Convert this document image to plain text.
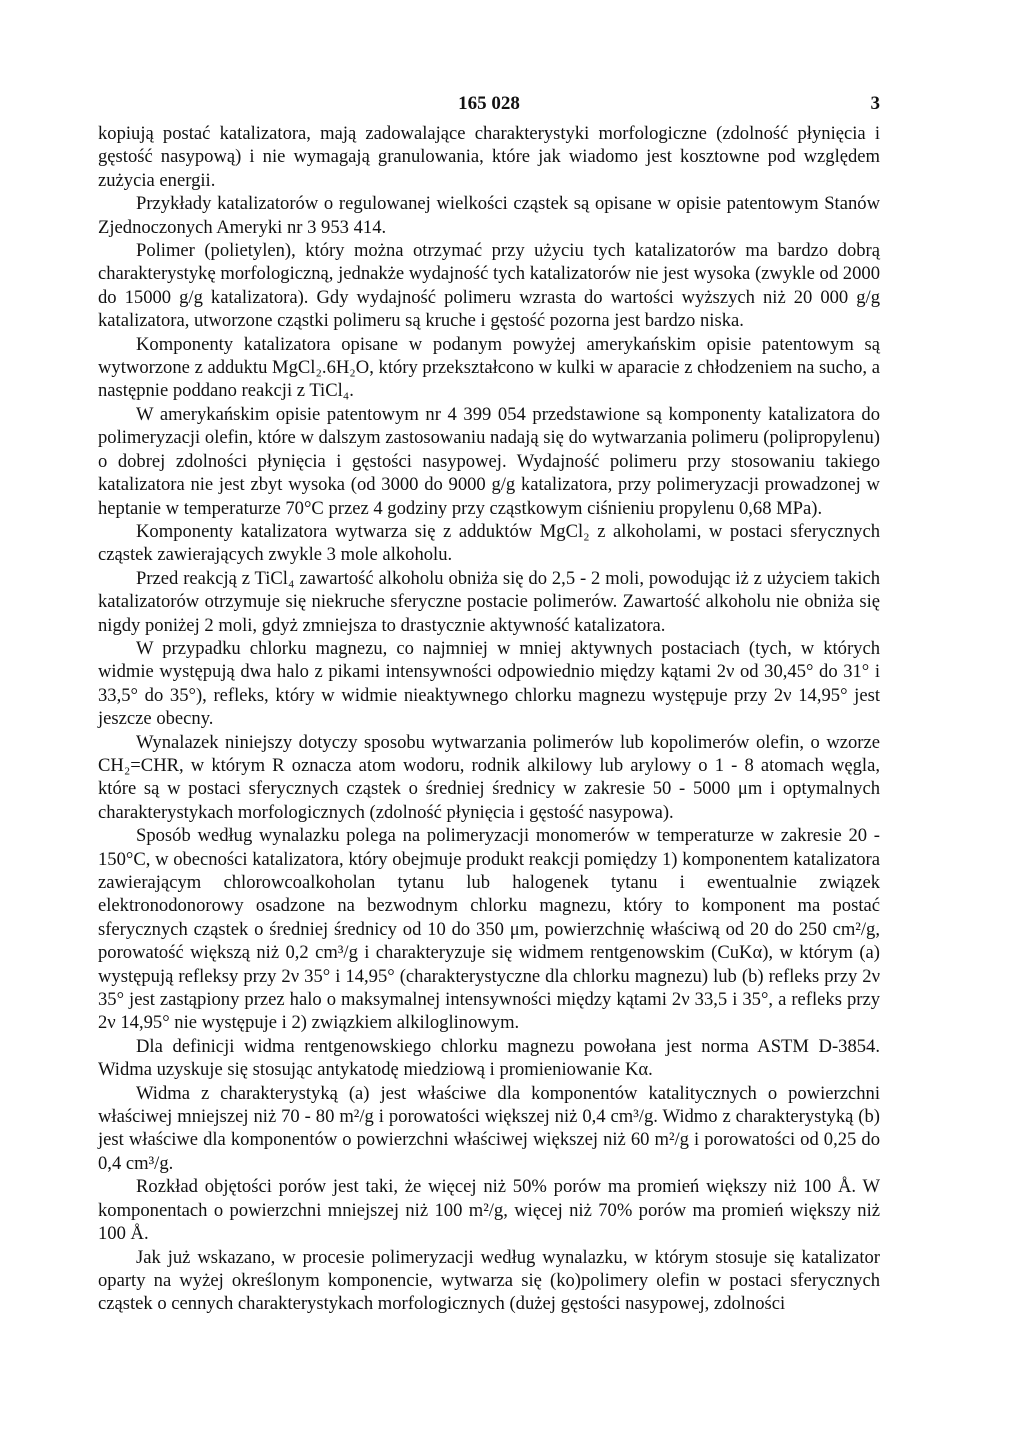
165 028	3

kopiują postać katalizatora, mają zadowalające charakterystyki morfologiczne (zdolność płynięcia i gęstość nasypową) i nie wymagają granulowania, które jak wiadomo jest kosztowne pod względem zużycia energii.

Przykłady katalizatorów o regulowanej wielkości cząstek są opisane w opisie patentowym Stanów Zjednoczonych Ameryki nr 3 953 414.

Polimer (polietylen), który można otrzymać przy użyciu tych katalizatorów ma bardzo dobrą charakterystykę morfologiczną, jednakże wydajność tych katalizatorów nie jest wysoka (zwykle od 2000 do 15000 g/g katalizatora). Gdy wydajność polimeru wzrasta do wartości wyższych niż 20 000 g/g katalizatora, utworzone cząstki polimeru są kruche i gęstość pozorna jest bardzo niska.

Komponenty katalizatora opisane w podanym powyżej amerykańskim opisie patentowym są wytworzone z adduktu MgCl₂.6H₂O, który przekształcono w kulki w aparacie z chłodzeniem na sucho, a następnie poddano reakcji z TiCl₄.

W amerykańskim opisie patentowym nr 4 399 054 przedstawione są komponenty katalizatora do polimeryzacji olefin, które w dalszym zastosowaniu nadają się do wytwarzania polimeru (polipropylenu) o dobrej zdolności płynięcia i gęstości nasypowej. Wydajność polimeru przy stosowaniu takiego katalizatora nie jest zbyt wysoka (od 3000 do 9000 g/g katalizatora, przy polimeryzacji prowadzonej w heptanie w temperaturze 70°C przez 4 godziny przy cząstkowym ciśnieniu propylenu 0,68 MPa).

Komponenty katalizatora wytwarza się z adduktów MgCl₂ z alkoholami, w postaci sferycznych cząstek zawierających zwykle 3 mole alkoholu.

Przed reakcją z TiCl₄ zawartość alkoholu obniża się do 2,5 - 2 moli, powodując iż z użyciem takich katalizatorów otrzymuje się niekruche sferyczne postacie polimerów. Zawartość alkoholu nie obniża się nigdy poniżej 2 moli, gdyż zmniejsza to drastycznie aktywność katalizatora.

W przypadku chlorku magnezu, co najmniej w mniej aktywnych postaciach (tych, w których widmie występują dwa halo z pikami intensywności odpowiednio między kątami 2ν od 30,45° do 31° i 33,5° do 35°), refleks, który w widmie nieaktywnego chlorku magnezu występuje przy 2ν 14,95° jest jeszcze obecny.

Wynalazek niniejszy dotyczy sposobu wytwarzania polimerów lub kopolimerów olefin, o wzorze CH₂=CHR, w którym R oznacza atom wodoru, rodnik alkilowy lub arylowy o 1 - 8 atomach węgla, które są w postaci sferycznych cząstek o średniej średnicy w zakresie 50 - 5000 μm i optymalnych charakterystykach morfologicznych (zdolność płynięcia i gęstość nasypowa).

Sposób według wynalazku polega na polimeryzacji monomerów w temperaturze w zakresie 20 - 150°C, w obecności katalizatora, który obejmuje produkt reakcji pomiędzy 1) komponentem katalizatora zawierającym chlorowcoalkoholan tytanu lub halogenek tytanu i ewentualnie związek elektronodonorowy osadzone na bezwodnym chlorku magnezu, który to komponent ma postać sferycznych cząstek o średniej średnicy od 10 do 350 μm, powierzchnię właściwą od 20 do 250 cm²/g, porowatość większą niż 0,2 cm³/g i charakteryzuje się widmem rentgenowskim (CuKα), w którym (a) występują refleksy przy 2ν 35° i 14,95° (charakterystyczne dla chlorku magnezu) lub (b) refleks przy 2ν 35° jest zastąpiony przez halo o maksymalnej intensywności między kątami 2ν 33,5 i 35°, a refleks przy 2ν 14,95° nie występuje i 2) związkiem alkiloglinowym.

Dla definicji widma rentgenowskiego chlorku magnezu powołana jest norma ASTM D-3854. Widma uzyskuje się stosując antykatodę miedziową i promieniowanie Kα.

Widma z charakterystyką (a) jest właściwe dla komponentów katalitycznych o powierzchni właściwej mniejszej niż 70 - 80 m²/g i porowatości większej niż 0,4 cm³/g. Widmo z charakterystyką (b) jest właściwe dla komponentów o powierzchni właściwej większej niż 60 m²/g i porowatości od 0,25 do 0,4 cm³/g.

Rozkład objętości porów jest taki, że więcej niż 50% porów ma promień większy niż 100 Å. W komponentach o powierzchni mniejszej niż 100 m²/g, więcej niż 70% porów ma promień większy niż 100 Å.

Jak już wskazano, w procesie polimeryzacji według wynalazku, w którym stosuje się katalizator oparty na wyżej określonym komponencie, wytwarza się (ko)polimery olefin w postaci sferycznych cząstek o cennych charakterystykach morfologicznych (dużej gęstości nasypowej, zdolności
